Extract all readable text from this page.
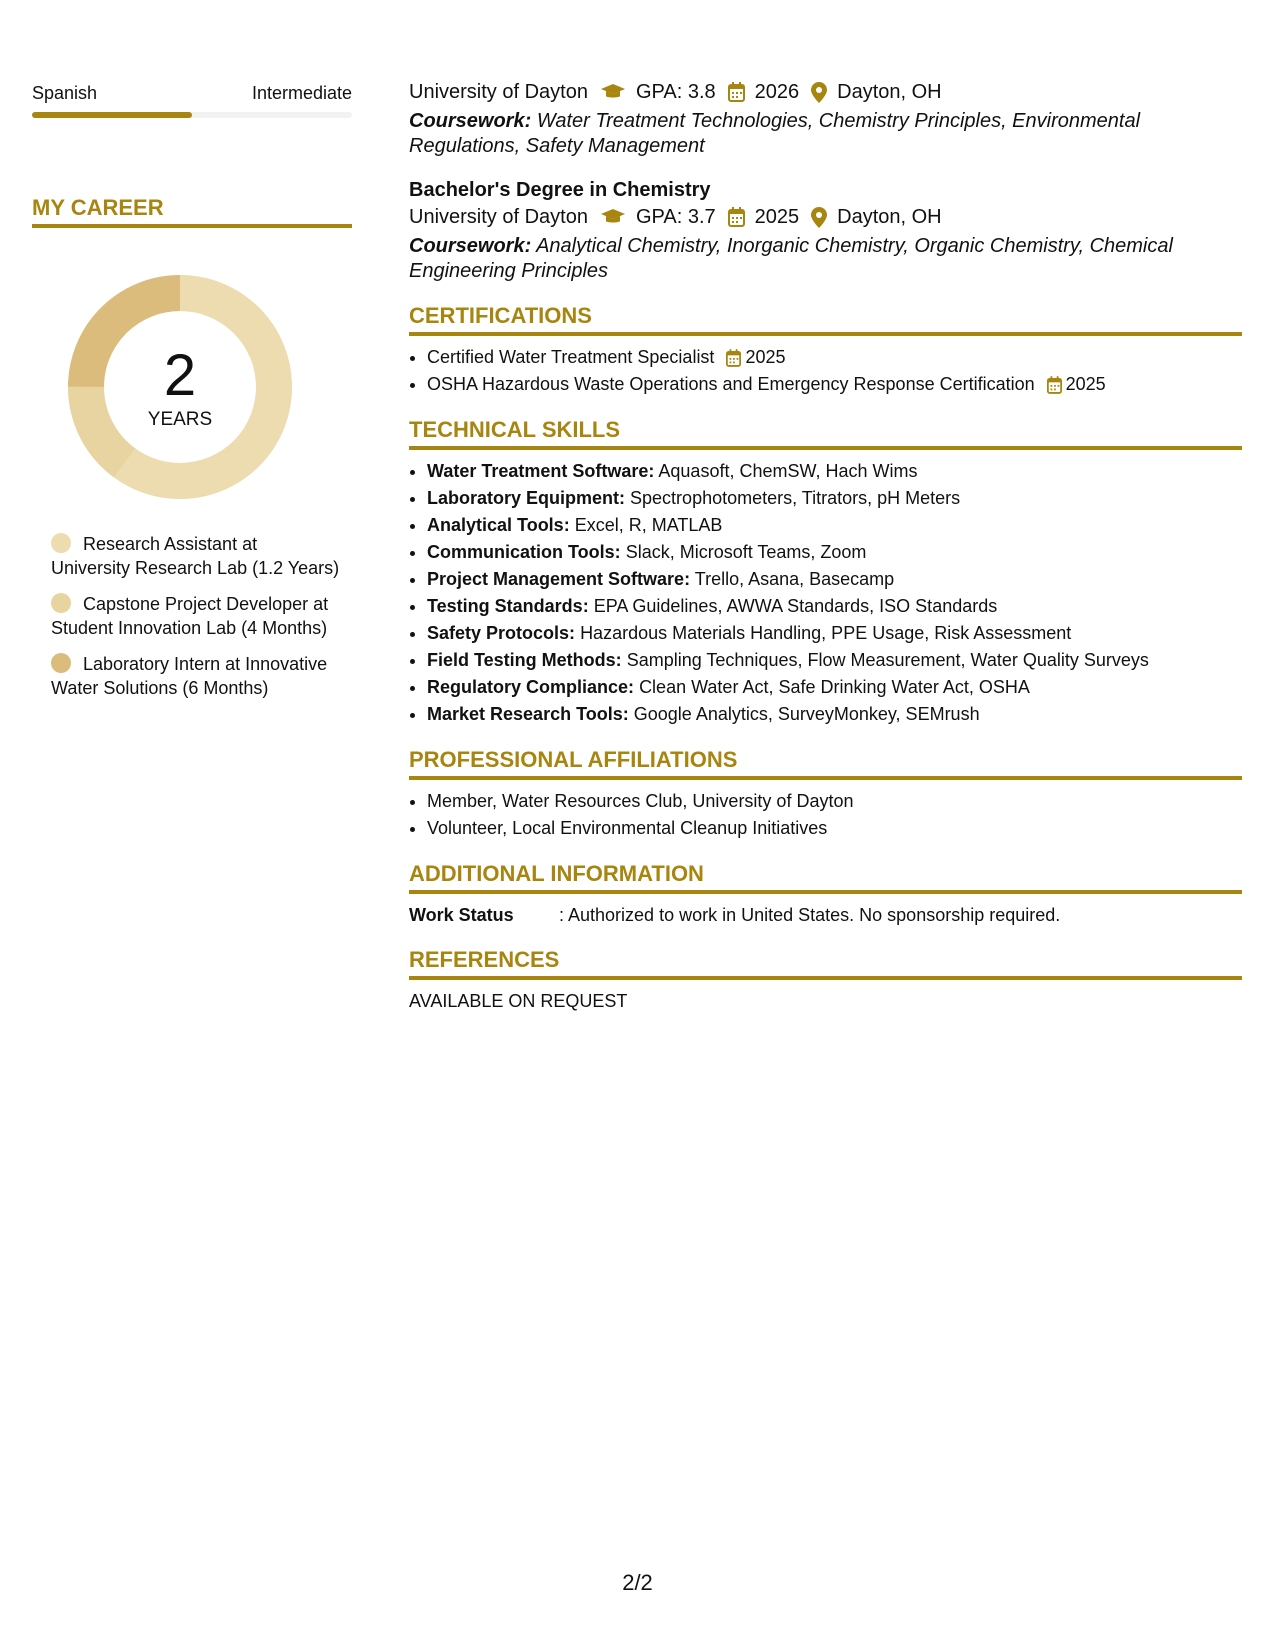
Spanish	Intermediate
MY CAREER
2
YEARS
Research Assistant at University Research Lab (1.2 Years)
Capstone Project Developer at Student Innovation Lab (4 Months)
Laboratory Intern at Innovative Water Solutions (6 Months)
University of Dayton GPA: 3.8 2026 Dayton, OH
Coursework: Water Treatment Technologies, Chemistry Principles, Environmental Regulations, Safety Management
Bachelor's Degree in Chemistry
University of Dayton GPA: 3.7 2025 Dayton, OH
Coursework: Analytical Chemistry, Inorganic Chemistry, Organic Chemistry, Chemical Engineering Principles
CERTIFICATIONS
• Certified Water Treatment Specialist 2025
• OSHA Hazardous Waste Operations and Emergency Response Certification 2025
TECHNICAL SKILLS
• Water Treatment Software: Aquasoft, ChemSW, Hach Wims
• Laboratory Equipment: Spectrophotometers, Titrators, pH Meters
• Analytical Tools: Excel, R, MATLAB
• Communication Tools: Slack, Microsoft Teams, Zoom
• Project Management Software: Trello, Asana, Basecamp
• Testing Standards: EPA Guidelines, AWWA Standards, ISO Standards
• Safety Protocols: Hazardous Materials Handling, PPE Usage, Risk Assessment
• Field Testing Methods: Sampling Techniques, Flow Measurement, Water Quality Surveys
• Regulatory Compliance: Clean Water Act, Safe Drinking Water Act, OSHA
• Market Research Tools: Google Analytics, SurveyMonkey, SEMrush
PROFESSIONAL AFFILIATIONS
• Member, Water Resources Club, University of Dayton
• Volunteer, Local Environmental Cleanup Initiatives
ADDITIONAL INFORMATION
Work Status	: Authorized to work in United States. No sponsorship required.
REFERENCES
AVAILABLE ON REQUEST
2/2
